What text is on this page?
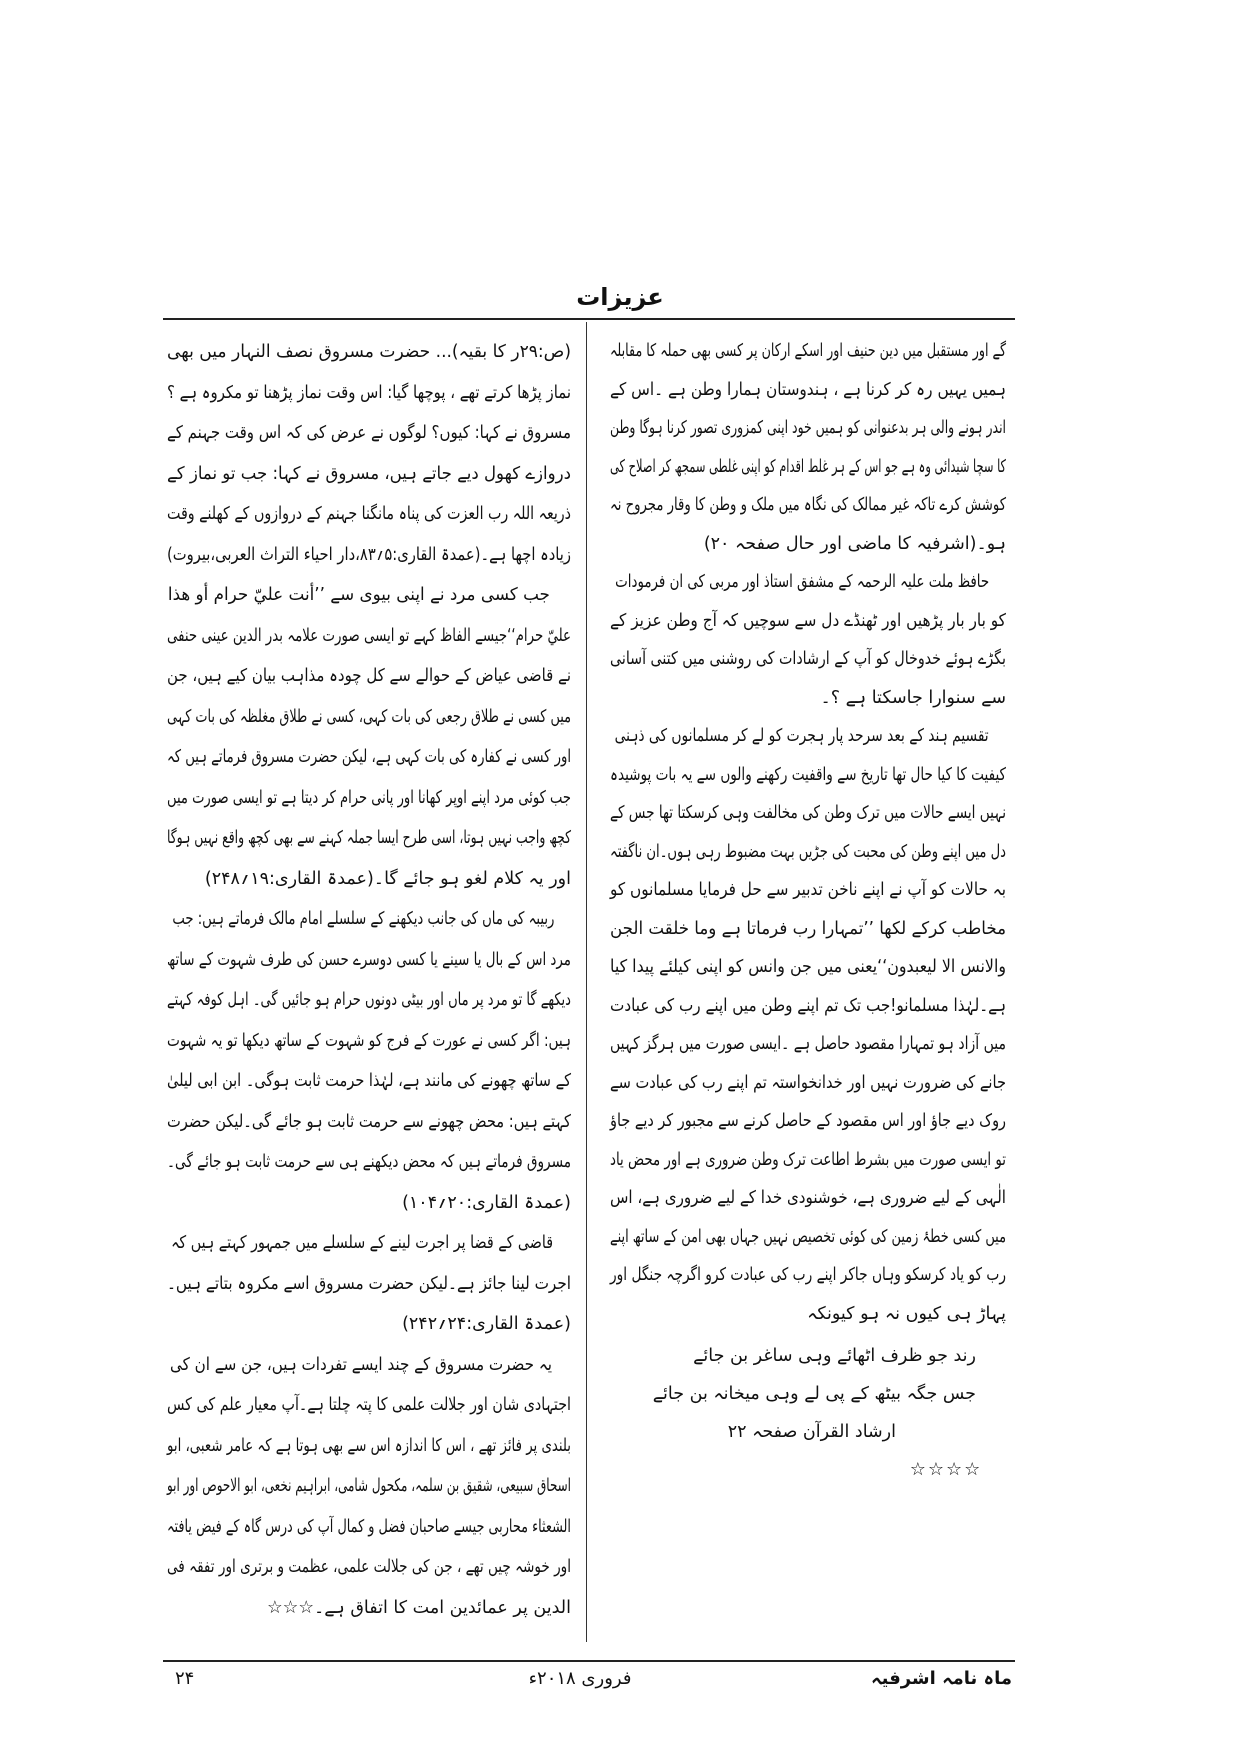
عزیزات
گے اور مستقبل میں دین حنیف اور اسکے ارکان پر کسی بھی حملہ کا مقابلہ
ہمیں یہیں رہ کر کرنا ہے ، ہندوستان ہمارا وطن ہے ۔اس کے
اندر ہونے والی ہر بدعنوانی کو ہمیں خود اپنی کمزوری تصور کرنا ہوگا وطن
کا سچا شیدائی وہ ہے جو اس کے ہر غلط اقدام کو اپنی غلطی سمجھ کر اصلاح کی
کوشش کرے تاکہ غیر ممالک کی نگاہ میں ملک و وطن کا وقار مجروح نہ
ہو۔(اشرفیہ کا ماضی اور حال صفحہ ۲۰)
حافظ ملت علیہ الرحمہ کے مشفق استاذ اور مربی کی ان فرمودات
کو بار بار پڑھیں اور ٹھنڈے دل سے سوچیں کہ آج وطن عزیز کے
بگڑے ہوئے خدوخال کو آپ کے ارشادات کی روشنی میں کتنی آسانی
سے سنوارا جاسکتا ہے ؟۔
تقسیم ہند کے بعد سرحد پار ہجرت کو لے کر مسلمانوں کی ذہنی
کیفیت کا کیا حال تھا تاریخ سے واقفیت رکھنے والوں سے یہ بات پوشیدہ
نہیں ایسے حالات میں ترک وطن کی مخالفت وہی کرسکتا تھا جس کے
دل میں اپنے وطن کی محبت کی جڑیں بہت مضبوط رہی ہوں۔ان ناگفتہ
بہ حالات کو آپ نے اپنے ناخن تدبیر سے حل فرمایا مسلمانوں کو
مخاطب کرکے لکھا ’’تمہارا رب فرماتا ہے وما خلقت الجن
والانس الا لیعبدون‘‘یعنی میں جن وانس کو اپنی کیلئے پیدا کیا
ہے۔لہٰذا مسلمانو!جب تک تم اپنے وطن میں اپنے رب کی عبادت
میں آزاد ہو تمہارا مقصود حاصل ہے ۔ایسی صورت میں ہرگز کہیں
جانے کی ضرورت نہیں اور خدانخواستہ تم اپنے رب کی عبادت سے
روک دیے جاؤ اور اس مقصود کے حاصل کرنے سے مجبور کر دیے جاؤ
تو ایسی صورت میں بشرط اطاعت ترک وطن ضروری ہے اور محض یاد
الٰہی کے لیے ضروری ہے، خوشنودی خدا کے لیے ضروری ہے، اس
میں کسی خطۂ زمین کی کوئی تخصیص نہیں جہاں بھی امن کے ساتھ اپنے
رب کو یاد کرسکو وہاں جاکر اپنے رب کی عبادت کرو اگرچہ جنگل اور
پہاڑ ہی کیوں نہ ہو کیونکہ
رند جو ظرف اٹھائے وہی ساغر بن جائے
جس جگہ بیٹھ کے پی لے وہی میخانہ بن جائے
ارشاد القرآن صفحہ ۲۲
☆☆☆☆
(ص:۲۹ر کا بقیہ)... حضرت مسروق نصف النہار میں بھی
نماز پڑھا کرتے تھے ، پوچھا گیا: اس وقت نماز پڑھنا تو مکروہ ہے ؟
مسروق نے کہا: کیوں؟ لوگوں نے عرض کی کہ اس وقت جہنم کے
دروازے کھول دیے جاتے ہیں، مسروق نے کہا: جب تو نماز کے
ذریعہ اللہ رب العزت کی پناہ مانگنا جہنم کے دروازوں کے کھلنے وقت
زیادہ اچھا ہے۔(عمدۃ القاری:۵؍۸۳،دار احیاء التراث العربی،بیروت)
جب کسی مرد نے اپنی بیوی سے ’’أنت عليّ حرام أو هذا
عليّ حرام‘‘جیسے الفاظ کہے تو ایسی صورت علامہ بدر الدین عینی حنفی
نے قاضی عیاض کے حوالے سے کل چودہ مذاہب بیان کیے ہیں، جن
میں کسی نے طلاق رجعی کی بات کہی، کسی نے طلاق مغلظہ کی بات کہی
اور کسی نے کفارہ کی بات کہی ہے، لیکن حضرت مسروق فرماتے ہیں کہ
جب کوئی مرد اپنے اوپر کھانا اور پانی حرام کر دیتا ہے تو ایسی صورت میں
کچھ واجب نہیں ہوتا، اسی طرح ایسا جملہ کہنے سے بھی کچھ واقع نہیں ہوگا
اور یہ کلام لغو ہو جائے گا۔(عمدۃ القاری:۱۹؍۲۴۸)
ربیبہ کی ماں کی جانب دیکھنے کے سلسلے امام مالک فرماتے ہیں: جب
مرد اس کے بال یا سینے یا کسی دوسرے حسن کی طرف شہوت کے ساتھ
دیکھے گا تو مرد پر ماں اور بیٹی دونوں حرام ہو جائیں گی۔ اہل کوفہ کہتے
ہیں: اگر کسی نے عورت کے فرج کو شہوت کے ساتھ دیکھا تو یہ شہوت
کے ساتھ چھونے کی مانند ہے، لہٰذا حرمت ثابت ہوگی۔ ابن ابی لیلیٰ
کہتے ہیں: محض چھونے سے حرمت ثابت ہو جائے گی۔لیکن حضرت
مسروق فرماتے ہیں کہ محض دیکھنے ہی سے حرمت ثابت ہو جائے گی۔
(عمدۃ القاری:۲۰؍۱۰۴)
قاضی کے قضا پر اجرت لینے کے سلسلے میں جمہور کہتے ہیں کہ
اجرت لینا جائز ہے۔لیکن حضرت مسروق اسے مکروہ بتاتے ہیں۔
(عمدۃ القاری:۲۴؍۲۴۲)
یہ حضرت مسروق کے چند ایسے تفردات ہیں، جن سے ان کی
اجتہادی شان اور جلالت علمی کا پتہ چلتا ہے۔آپ معیار علم کی کس
بلندی پر فائز تھے ، اس کا اندازہ اس سے بھی ہوتا ہے کہ عامر شعبی، ابو
اسحاق سبیعی، شقیق بن سلمہ، مکحول شامی، ابراہیم نخعی، ابو الاحوص اور ابو
الشعثاء محاربی جیسے صاحبان فضل و کمال آپ کی درس گاہ کے فیض یافتہ
اور خوشہ چیں تھے ، جن کی جلالت علمی، عظمت و برتری اور تفقہ فی
الدین پر عمائدین امت کا اتفاق ہے۔☆☆☆
ماہ نامہ اشرفیہ
فروری ۲۰۱۸ء
۲۴
